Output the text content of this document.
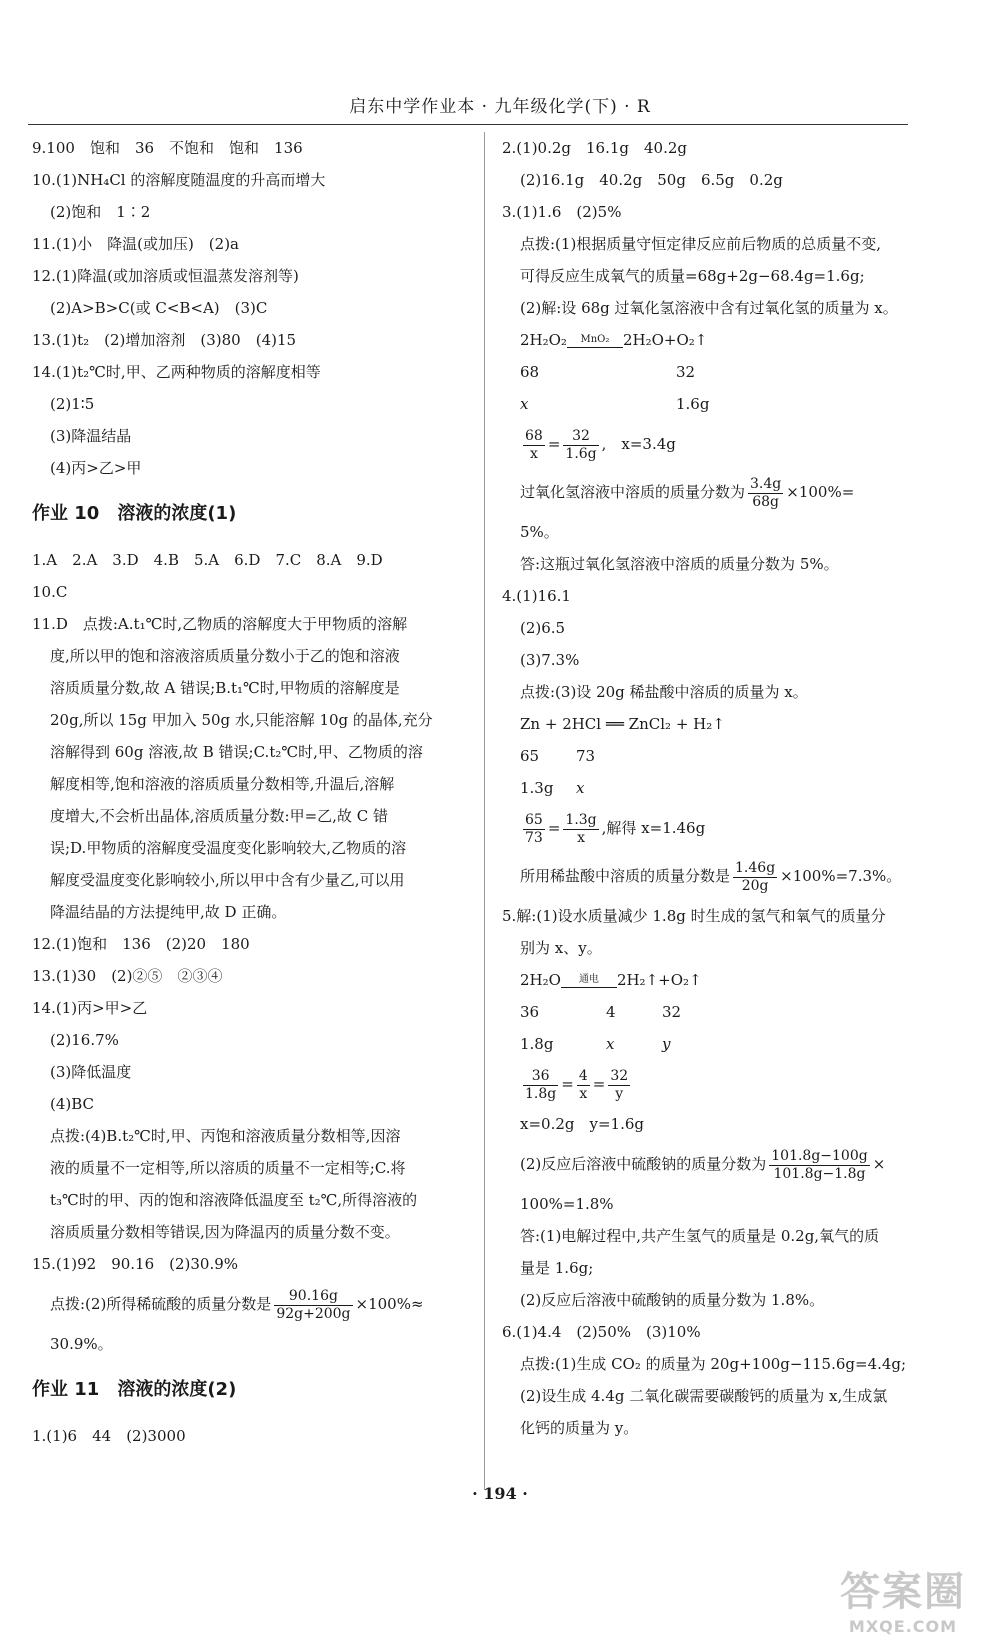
启东中学作业本 · 九年级化学(下) · R
9.100　饱和　36　不饱和　饱和　136
10.(1)NH₄Cl 的溶解度随温度的升高而增大
(2)饱和　1∶2
11.(1)小　降温(或加压)　(2)a
12.(1)降温(或加溶质或恒温蒸发溶剂等)
(2)A>B>C(或 C<B<A)　(3)C
13.(1)t₂　(2)增加溶剂　(3)80　(4)15
14.(1)t₂℃时,甲、乙两种物质的溶解度相等
(2)1∶5
(3)降温结晶
(4)丙>乙>甲
作业 10　溶液的浓度(1)
1.A　2.A　3.D　4.B　5.A　6.D　7.C　8.A　9.D
10.C
11.D　点拨:A.t₁℃时,乙物质的溶解度大于甲物质的溶解
度,所以甲的饱和溶液溶质质量分数小于乙的饱和溶液
溶质质量分数,故 A 错误;B.t₁℃时,甲物质的溶解度是
20g,所以 15g 甲加入 50g 水,只能溶解 10g 的晶体,充分
溶解得到 60g 溶液,故 B 错误;C.t₂℃时,甲、乙物质的溶
解度相等,饱和溶液的溶质质量分数相等,升温后,溶解
度增大,不会析出晶体,溶质质量分数:甲=乙,故 C 错
误;D.甲物质的溶解度受温度变化影响较大,乙物质的溶
解度受温度变化影响较小,所以甲中含有少量乙,可以用
降温结晶的方法提纯甲,故 D 正确。
12.(1)饱和　136　(2)20　180
13.(1)30　(2)②⑤　②③④
14.(1)丙>甲>乙
(2)16.7%
(3)降低温度
(4)BC
点拨:(4)B.t₂℃时,甲、丙饱和溶液质量分数相等,因溶
液的质量不一定相等,所以溶质的质量不一定相等;C.将
t₃℃时的甲、丙的饱和溶液降低温度至 t₂℃,所得溶液的
溶质质量分数相等错误,因为降温丙的质量分数不变。
15.(1)92　90.16　(2)30.9%
点拨:(2)所得稀硫酸的质量分数是 $\frac{90.16g}{92g+200g} \times 100\%\approx$
30.9%。
作业 11　溶液的浓度(2)
1.(1)6　44　(2)3000
2.(1)0.2g　16.1g　40.2g
(2)16.1g　40.2g　50g　6.5g　0.2g
3.(1)1.6　(2)5%
点拨:(1)根据质量守恒定律反应前后物质的总质量不变,
可得反应生成氧气的质量=68g+2g−68.4g=1.6g;
(2)解:设 68g 过氧化氢溶液中含有过氧化氢的质量为 x。
2H₂O₂	MnO₂ 2H₂O+O₂↑
68	32
x	1.6g
$\frac{68}{x} = \frac{32}{1.6g}$ ,　x=3.4g
过氧化氢溶液中溶质的质量分数为 $\frac{3.4g}{68g} \times 100\%=$
5%。
答:这瓶过氧化氢溶液中溶质的质量分数为 5%。
4.(1)16.1
(2)6.5
(3)7.3%
点拨:(3)设 20g 稀盐酸中溶质的质量为 x。
Zn + 2HCl ══ ZnCl₂ + H₂↑
65 73
1.3g x
$\frac{65}{73} = \frac{1.3g}{x}$ ,解得 x=1.46g
所用稀盐酸中溶质的质量分数是 $\frac{1.46g}{20g} \times 100\%=7.3\%$。
5.解:(1)设水质量减少 1.8g 时生成的氢气和氧气的质量分
别为 x、y。
2H₂O	通电	2H₂↑+O₂↑
36	4	32
1.8g	x	y
$\frac{36}{1.8g} = \frac{4}{x} = \frac{32}{y}$
x=0.2g　y=1.6g
(2)反应后溶液中硫酸钠的质量分数为 $\frac{101.8g-100g}{101.8g-1.8g}$ ×
100%=1.8%
答:(1)电解过程中,共产生氢气的质量是 0.2g,氧气的质
量是 1.6g;
(2)反应后溶液中硫酸钠的质量分数为 1.8%。
6.(1)4.4　(2)50%　(3)10%
点拨:(1)生成 CO₂ 的质量为 20g+100g−115.6g=4.4g;
(2)设生成 4.4g 二氧化碳需要碳酸钙的质量为 x,生成氯
化钙的质量为 y。
· 194 ·
答案圈
MXQE.COM
